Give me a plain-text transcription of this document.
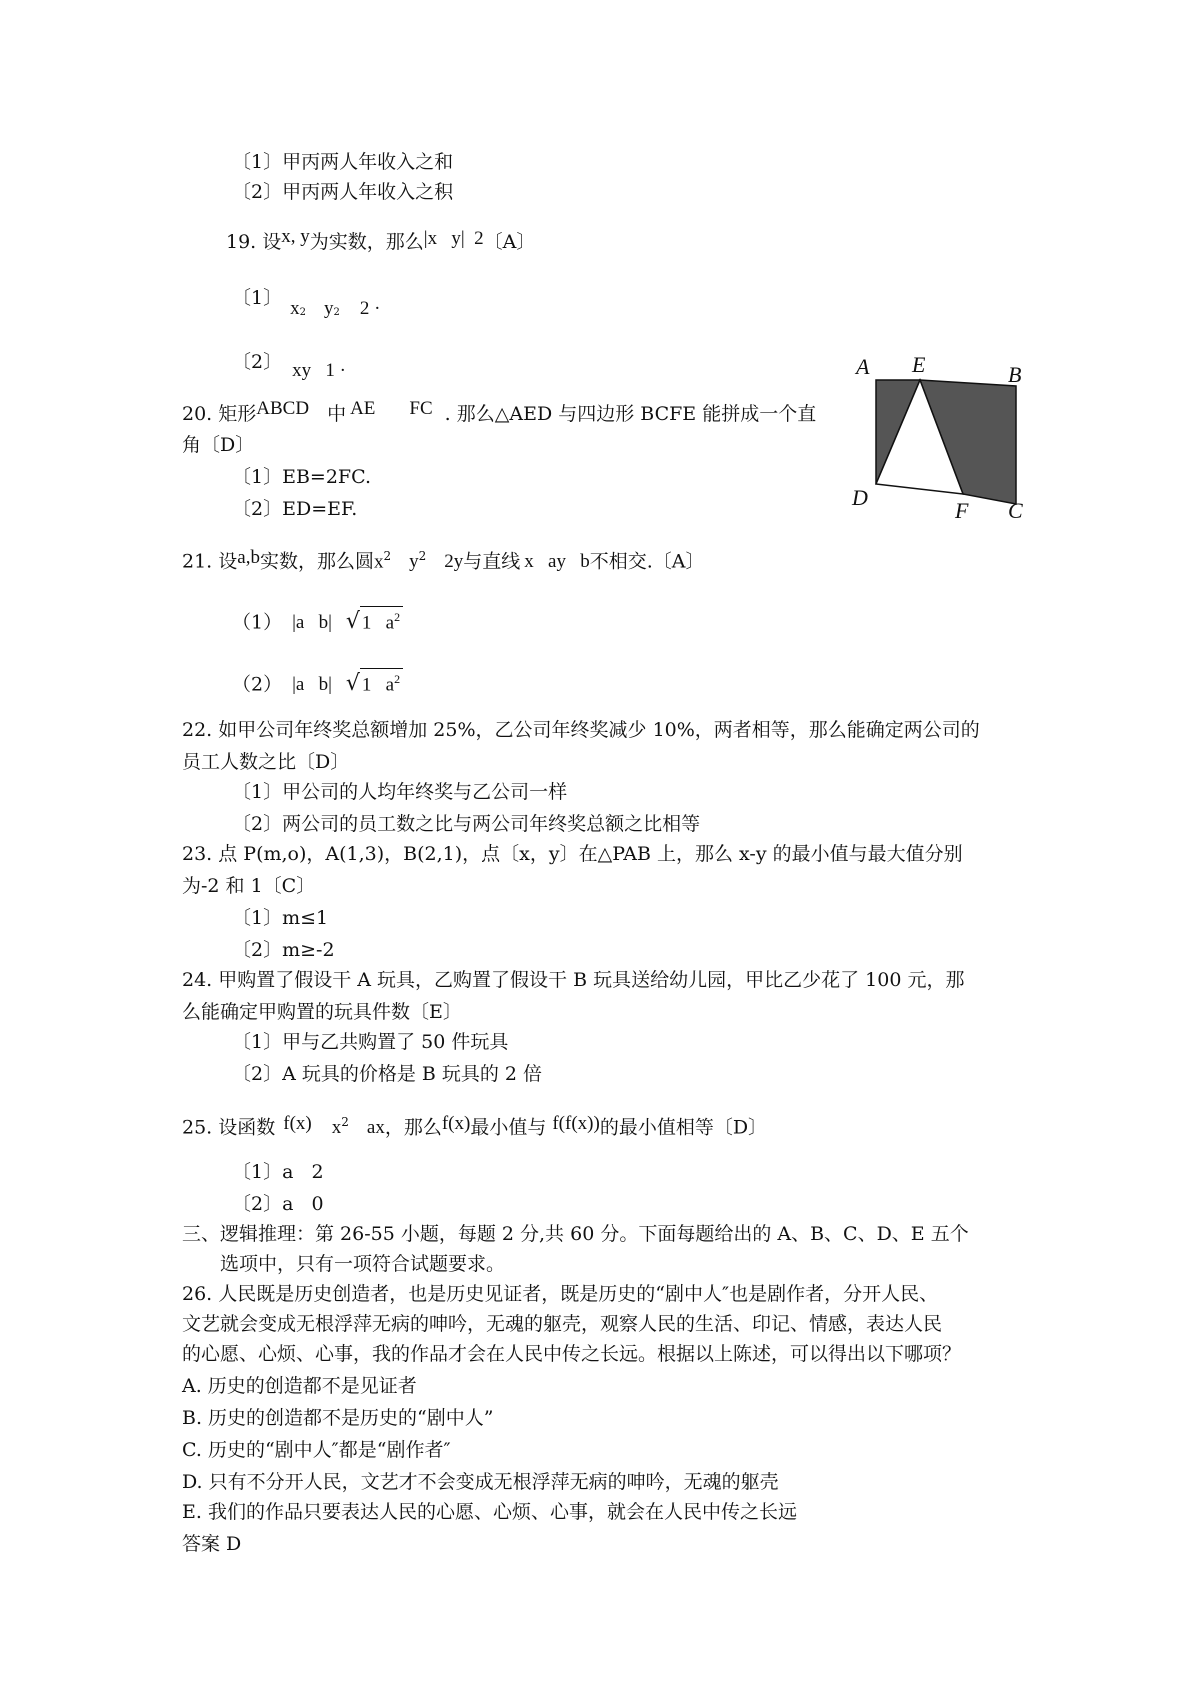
〔1〕甲丙两人年收入之和
〔2〕甲丙两人年收入之积
19. 设x, y为实数，那么|x   y|  2〔A〕
〔1〕 $x_2$ $y_2$ 2 ·
〔2〕 xy   1 ·
20. 矩形ABCD 中 AE FC . 那么△AED 与四边形 BCFE 能拼成一个直
角〔D〕
〔1〕EB=2FC.
〔2〕ED=EF.
A E	B
D
F C
21. 设a,b实数，那么圆$x^2$ $y^2$ 2y与直线 x   ay   b不相交.〔A〕
（1） |a   b| √ 1   $a^2$
（2） |a   b| √ 1   $a^2$
22. 如甲公司年终奖总额增加 25%，乙公司年终奖减少 10%，两者相等，那么能确定两公司的
员工人数之比〔D〕
〔1〕甲公司的人均年终奖与乙公司一样
〔2〕两公司的员工数之比与两公司年终奖总额之比相等
23. 点 P(m,o)，A(1,3)，B(2,1)，点〔x，y〕在△PAB 上，那么 x-y 的最小值与最大值分别
为-2 和 1〔C〕
〔1〕m≤1
〔2〕m≥-2
24. 甲购置了假设干 A 玩具，乙购置了假设干 B 玩具送给幼儿园，甲比乙少花了 100 元，那
么能确定甲购置的玩具件数〔E〕
〔1〕甲与乙共购置了 50 件玩具
〔2〕A 玩具的价格是 B 玩具的 2 倍
25. 设函数 f(x) $x^2$ ax，那么f(x)最小值与 f(f(x))的最小值相等〔D〕
〔1〕a   2
〔2〕a   0
三、逻辑推理：第 26-55 小题，每题 2 分,共 60 分。下面每题给出的 A、B、C、D、E 五个
选项中，只有一项符合试题要求。
26. 人民既是历史创造者，也是历史见证者，既是历史的“剧中人″也是剧作者，分开人民、
文艺就会变成无根浮萍无病的呻吟，无魂的躯壳，观察人民的生活、印记、情感，表达人民
的心愿、心烦、心事，我的作品才会在人民中传之长远。根据以上陈述，可以得出以下哪项？
A. 历史的创造都不是见证者
B. 历史的创造都不是历史的“剧中人”
C. 历史的“剧中人″都是“剧作者″
D. 只有不分开人民，文艺才不会变成无根浮萍无病的呻吟，无魂的躯壳
E. 我们的作品只要表达人民的心愿、心烦、心事，就会在人民中传之长远
答案 D
